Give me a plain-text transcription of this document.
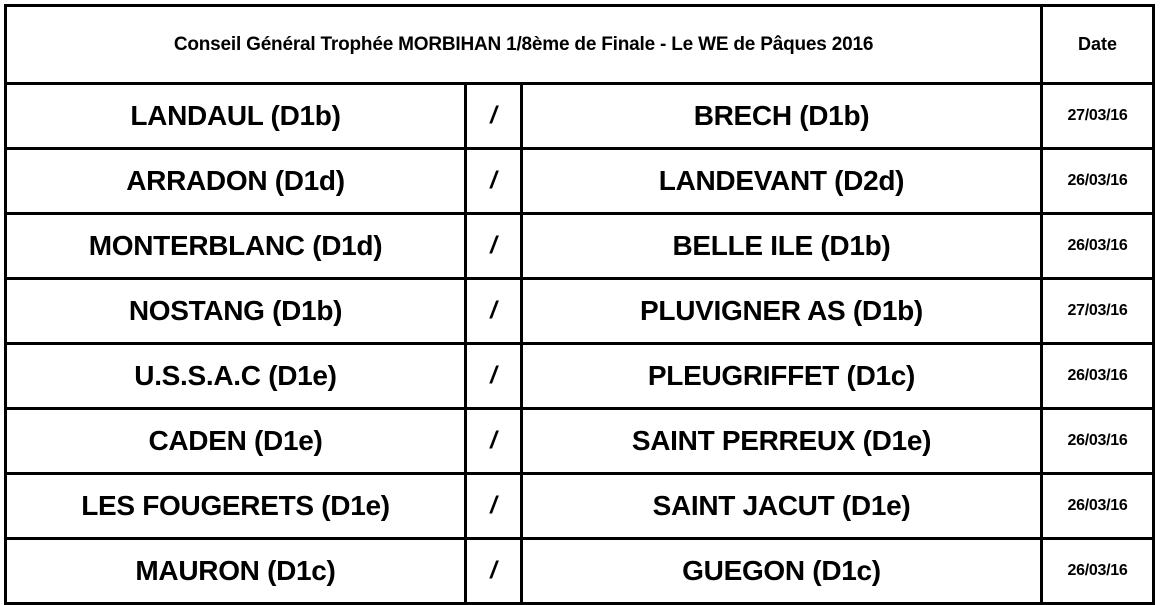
Conseil Général Trophée MORBIHAN 1/8ème de Finale - Le WE de Pâques 2016			Date
LANDAUL (D1b)	/	BRECH (D1b)	27/03/16
ARRADON (D1d)	/	LANDEVANT (D2d)	26/03/16
MONTERBLANC (D1d)	/	BELLE ILE (D1b)	26/03/16
NOSTANG (D1b)	/	PLUVIGNER AS (D1b)	27/03/16
U.S.S.A.C (D1e)	/	PLEUGRIFFET (D1c)	26/03/16
CADEN (D1e)	/	SAINT PERREUX (D1e)	26/03/16
LES FOUGERETS (D1e)	/	SAINT JACUT (D1e)	26/03/16
MAURON (D1c)	/	GUEGON (D1c)	26/03/16
